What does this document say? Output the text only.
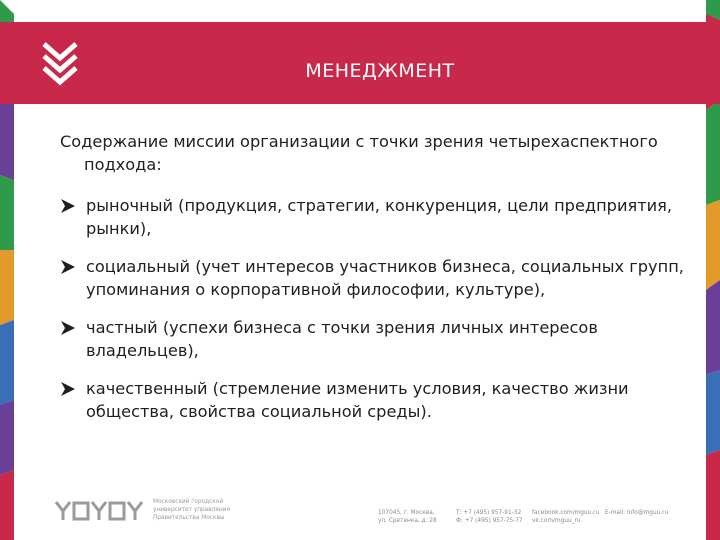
МЕНЕДЖМЕНТ

Содержание миссии организации с точки зрения четырехаспектного подхода:

рыночный (продукция, стратегии, конкуренция, цели предприятия, рынки),
социальный (учет интересов участников бизнеса, социальных групп, упоминания о корпоративной философии, культуре),
частный (успехи бизнеса с точки зрения личных интересов владельцев),
качественный (стремление изменить условия, качество жизни общества, свойства социальной среды).
Московский городской
университет управления
Правительства Москвы
107045, г. Москва,
ул. Сретенка, д. 28
Т: +7 (495) 957-91-32
Ф: +7 (495) 957-75-77
facebook.com/mguu.ru
vk.com/mguu_ru
E-mail: info@mguu.ru
